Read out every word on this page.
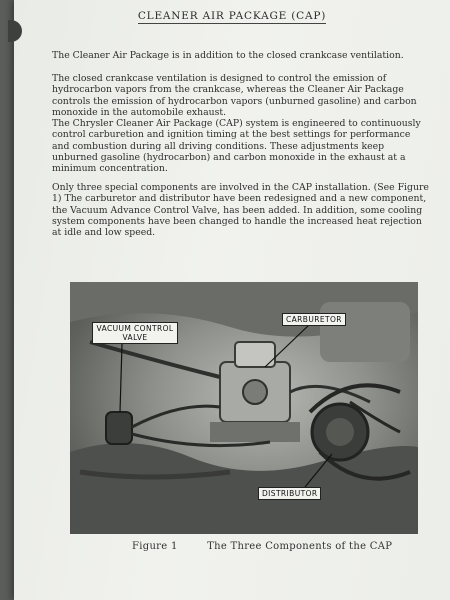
CLEANER AIR PACKAGE (CAP)

The Cleaner Air Package is in addition to the closed crankcase ventilation.

The closed crankcase ventilation is designed to control the emission of hydrocarbon vapors from the crankcase, whereas the Cleaner Air Package controls the emission of hydrocarbon vapors (unburned gasoline) and carbon monoxide in the automobile exhaust.

The Chrysler Cleaner Air Package (CAP) system is engineered to continuously control carburetion and ignition timing at the best settings for performance and combustion during all driving conditions. These adjustments keep unburned gasoline (hydrocarbon) and carbon monoxide in the exhaust at a minimum concentration.

Only three special components are involved in the CAP installation. (See Figure 1) The carburetor and distributor have been redesigned and a new component, the Vacuum Advance Control Valve, has been added. In addition, some cooling system components have been changed to handle the increased heat rejection at idle and low speed.

VACUUM CONTROL VALVE
CARBURETOR
DISTRIBUTOR
Figure 1	The Three Components of the CAP
